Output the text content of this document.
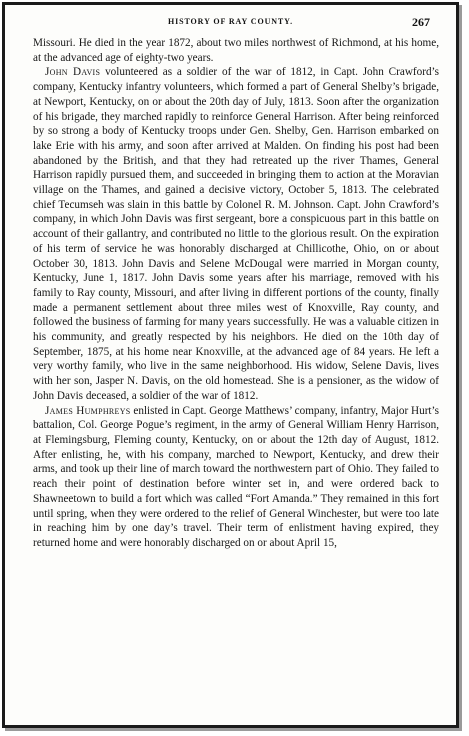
HISTORY OF RAY COUNTY.	267

Missouri. He died in the year 1872, about two miles northwest of Richmond, at his home, at the advanced age of eighty-two years.

John Davis volunteered as a soldier of the war of 1812, in Capt. John Crawford’s company, Kentucky infantry volunteers, which formed a part of General Shelby’s brigade, at Newport, Kentucky, on or about the 20th day of July, 1813. Soon after the organization of his brigade, they marched rapidly to reinforce General Harrison. After being reinforced by so strong a body of Kentucky troops under Gen. Shelby, Gen. Harrison embarked on lake Erie with his army, and soon after arrived at Malden. On finding his post had been abandoned by the British, and that they had retreated up the river Thames, General Harrison rapidly pursued them, and succeeded in bringing them to action at the Moravian village on the Thames, and gained a decisive victory, October 5, 1813. The celebrated chief Tecumseh was slain in this battle by Colonel R. M. Johnson. Capt. John Crawford’s company, in which John Davis was first sergeant, bore a conspicuous part in this battle on account of their gallantry, and contributed no little to the glorious result. On the expiration of his term of service he was honorably discharged at Chillicothe, Ohio, on or about October 30, 1813. John Davis and Selene McDougal were married in Morgan county, Kentucky, June 1, 1817. John Davis some years after his marriage, removed with his family to Ray county, Missouri, and after living in different portions of the county, finally made a permanent settlement about three miles west of Knoxville, Ray county, and followed the business of farming for many years successfully. He was a valuable citizen in his community, and greatly respected by his neighbors. He died on the 10th day of September, 1875, at his home near Knoxville, at the advanced age of 84 years. He left a very worthy family, who live in the same neighborhood. His widow, Selene Davis, lives with her son, Jasper N. Davis, on the old homestead. She is a pensioner, as the widow of John Davis deceased, a soldier of the war of 1812.

James Humphreys enlisted in Capt. George Matthews’ company, infantry, Major Hurt’s battalion, Col. George Pogue’s regiment, in the army of General William Henry Harrison, at Flemingsburg, Fleming county, Kentucky, on or about the 12th day of August, 1812. After enlisting, he, with his company, marched to Newport, Kentucky, and drew their arms, and took up their line of march toward the northwestern part of Ohio. They failed to reach their point of destination before winter set in, and were ordered back to Shawneetown to build a fort which was called “Fort Amanda.” They remained in this fort until spring, when they were ordered to the relief of General Winchester, but were too late in reaching him by one day’s travel. Their term of enlistment having expired, they returned home and were honorably discharged on or about April 15,
